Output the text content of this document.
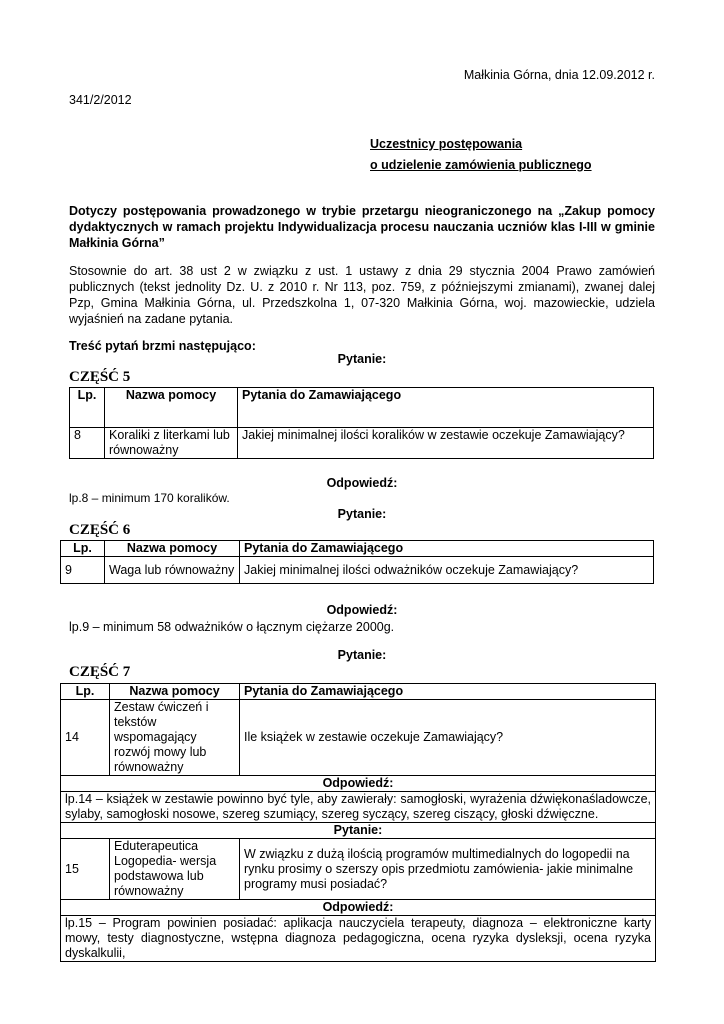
Małkinia Górna, dnia 12.09.2012 r.
341/2/2012
Uczestnicy postępowania
o udzielenie zamówienia publicznego
Dotyczy postępowania prowadzonego w trybie przetargu nieograniczonego na „Zakup pomocy dydaktycznych w ramach projektu Indywidualizacja procesu nauczania uczniów klas I-III w gminie Małkinia Górna”
Stosownie do art. 38 ust 2 w związku z ust. 1 ustawy z dnia 29 stycznia 2004 Prawo zamówień publicznych (tekst jednolity Dz. U. z 2010 r. Nr 113, poz. 759, z późniejszymi zmianami), zwanej dalej Pzp, Gmina Małkinia Górna, ul. Przedszkolna 1, 07-320 Małkinia Górna, woj. mazowieckie, udziela wyjaśnień na zadane pytania.
Treść pytań brzmi następująco:
Pytanie:
CZĘŚĆ 5
Lp.	Nazwa pomocy	Pytania do Zamawiającego
8	Koraliki z literkami lub równoważny	Jakiej minimalnej ilości koralików w zestawie oczekuje Zamawiający?
Odpowiedź:
lp.8 – minimum 170 koralików.
Pytanie:
CZĘŚĆ 6
Lp.	Nazwa pomocy	Pytania do Zamawiającego
9	Waga lub równoważny	Jakiej minimalnej ilości odważników oczekuje Zamawiający?
Odpowiedź:
lp.9 – minimum 58 odważników o łącznym ciężarze 2000g.
Pytanie:
CZĘŚĆ 7
Lp.	Nazwa pomocy	Pytania do Zamawiającego
14	Zestaw ćwiczeń i tekstów wspomagający rozwój mowy lub równoważny	Ile książek w zestawie oczekuje Zamawiający?
Odpowiedź:		
lp.14 – książek w zestawie powinno być tyle, aby zawierały: samogłoski, wyrażenia dźwiękonaśladowcze, sylaby, samogłoski nosowe, szereg szumiący, szereg syczący, szereg ciszący, głoski dźwięczne.		
Pytanie:		
15	Eduterapeutica Logopedia- wersja podstawowa lub równoważny	W związku z dużą ilością programów multimedialnych do logopedii na rynku prosimy o szerszy opis przedmiotu zamówienia- jakie minimalne programy musi posiadać?
Odpowiedź:		
lp.15 – Program powinien posiadać: aplikacja nauczyciela terapeuty, diagnoza – elektroniczne karty mowy, testy diagnostyczne, wstępna diagnoza pedagogiczna, ocena ryzyka dysleksji, ocena ryzyka dyskalkulii,		
